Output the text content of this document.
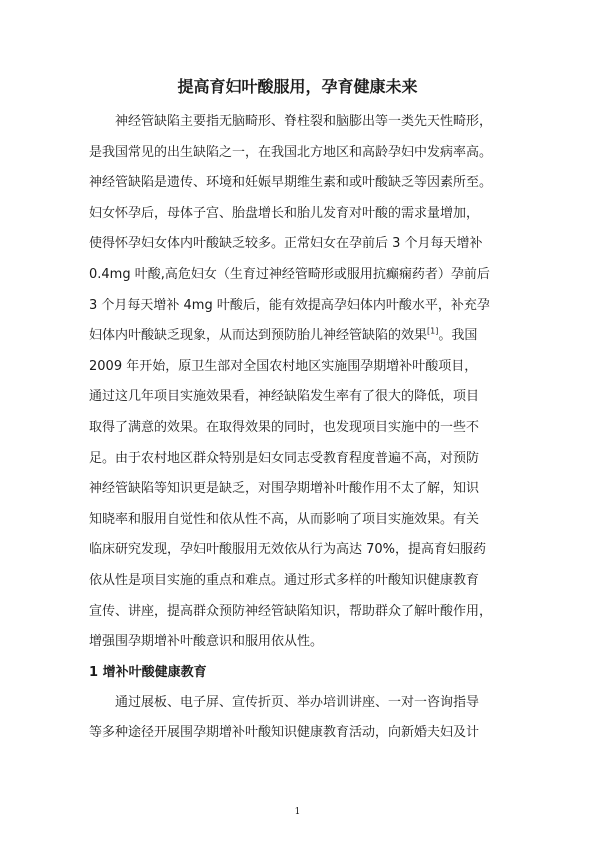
提高育妇叶酸服用，孕育健康未来
神经管缺陷主要指无脑畸形、脊柱裂和脑膨出等一类先天性畸形，
是我国常见的出生缺陷之一，在我国北方地区和高龄孕妇中发病率高。
神经管缺陷是遗传、环境和妊娠早期维生素和或叶酸缺乏等因素所至。
妇女怀孕后，母体子宫、胎盘增长和胎儿发育对叶酸的需求量增加，
使得怀孕妇女体内叶酸缺乏较多。正常妇女在孕前后 3 个月每天增补
0.4mg 叶酸,高危妇女（生育过神经管畸形或服用抗癫痫药者）孕前后
3 个月每天增补 4mg 叶酸后，能有效提高孕妇体内叶酸水平，补充孕
妇体内叶酸缺乏现象，从而达到预防胎儿神经管缺陷的效果[1]。我国
2009 年开始，原卫生部对全国农村地区实施围孕期增补叶酸项目，
通过这几年项目实施效果看，神经缺陷发生率有了很大的降低，项目
取得了满意的效果。在取得效果的同时，也发现项目实施中的一些不
足。由于农村地区群众特别是妇女同志受教育程度普遍不高，对预防
神经管缺陷等知识更是缺乏，对围孕期增补叶酸作用不太了解，知识
知晓率和服用自觉性和依从性不高，从而影响了项目实施效果。有关
临床研究发现，孕妇叶酸服用无效依从行为高达 70%，提高育妇服药
依从性是项目实施的重点和难点。通过形式多样的叶酸知识健康教育
宣传、讲座，提高群众预防神经管缺陷知识，帮助群众了解叶酸作用，
增强围孕期增补叶酸意识和服用依从性。
1 增补叶酸健康教育
通过展板、电子屏、宣传折页、举办培训讲座、一对一咨询指导
等多种途径开展围孕期增补叶酸知识健康教育活动，向新婚夫妇及计
1
